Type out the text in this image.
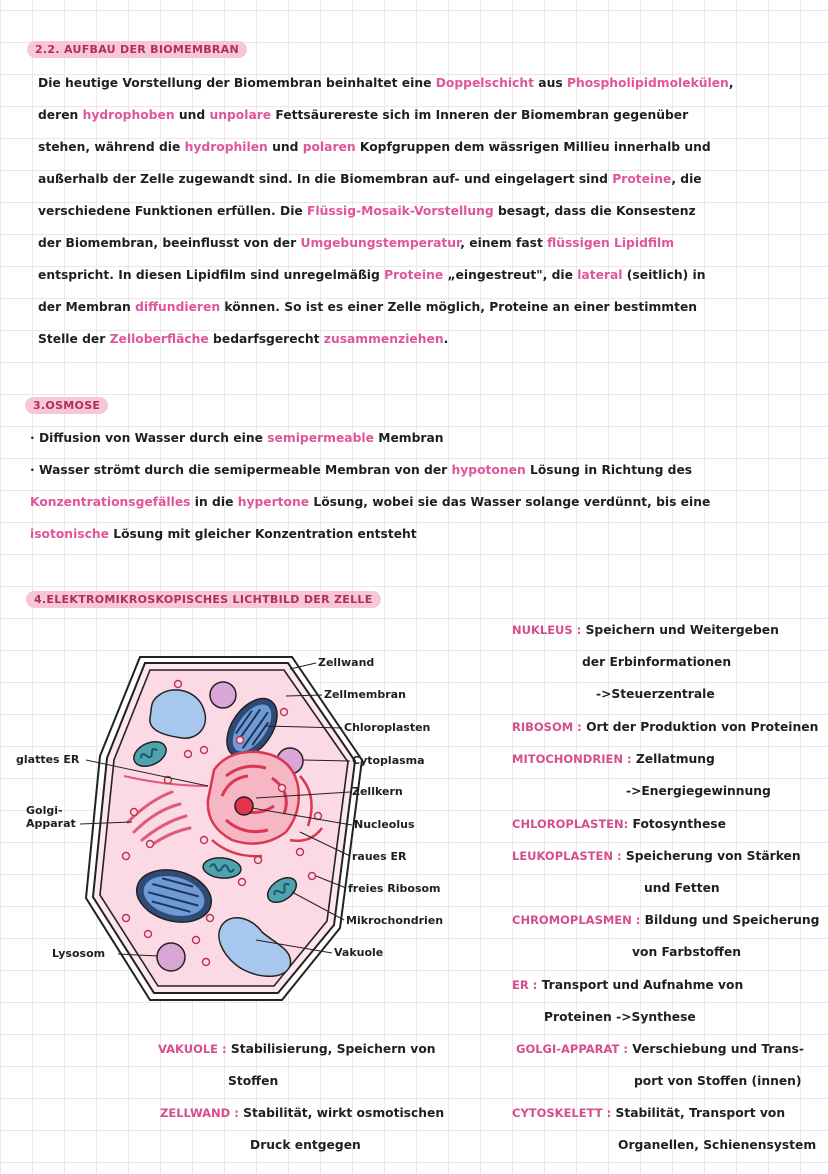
2.2. AUFBAU DER BIOMEMBRAN
Die heutige Vorstellung der Biomembran beinhaltet eine Doppelschicht aus Phospholipidmolekülen,
deren hydrophoben und unpolare Fettsäurereste sich im Inneren der Biomembran gegenüber
stehen, während die hydrophilen und polaren Kopfgruppen dem wässrigen Millieu innerhalb und
außerhalb der Zelle zugewandt sind. In die Biomembran auf- und eingelagert sind Proteine, die
verschiedene Funktionen erfüllen. Die Flüssig-Mosaik-Vorstellung besagt, dass die Konsestenz
der Biomembran, beeinflusst von der Umgebungstemperatur, einem fast flüssigen Lipidfilm
entspricht. In diesen Lipidfilm sind unregelmäßig Proteine „eingestreut", die lateral (seitlich) in
der Membran diffundieren können. So ist es einer Zelle möglich, Proteine an einer bestimmten
Stelle der Zelloberfläche bedarfsgerecht zusammenziehen.
3.OSMOSE
· Diffusion von Wasser durch eine semipermeable Membran
· Wasser strömt durch die semipermeable Membran von der hypotonen Lösung in Richtung des
Konzentrationsgefälles in die hypertone Lösung, wobei sie das Wasser solange verdünnt, bis eine
isotonische Lösung mit gleicher Konzentration entsteht
4.ELEKTROMIKROSKOPISCHES LICHTBILD DER ZELLE
Zellwand
Zellmembran
Chloroplasten
Cytoplasma
Zellkern
Nucleolus
raues ER
freies Ribosom
Mikrochondrien
Vakuole
glattes ER
Golgi-
Apparat
Lysosom
NUKLEUS : Speichern und Weitergeben
der Erbinformationen
->Steuerzentrale
RIBOSOM : Ort der Produktion von Proteinen
MITOCHONDRIEN : Zellatmung
->Energiegewinnung
CHLOROPLASTEN: Fotosynthese
LEUKOPLASTEN : Speicherung von Stärken
und Fetten
CHROMOPLASMEN : Bildung und Speicherung
von Farbstoffen
ER : Transport und Aufnahme von
Proteinen ->Synthese
GOLGI-APPARAT : Verschiebung und Trans-
port von Stoffen (innen)
CYTOSKELETT : Stabilität, Transport von
Organellen, Schienensystem
VAKUOLE : Stabilisierung, Speichern von
Stoffen
ZELLWAND : Stabilität, wirkt osmotischen
Druck entgegen
